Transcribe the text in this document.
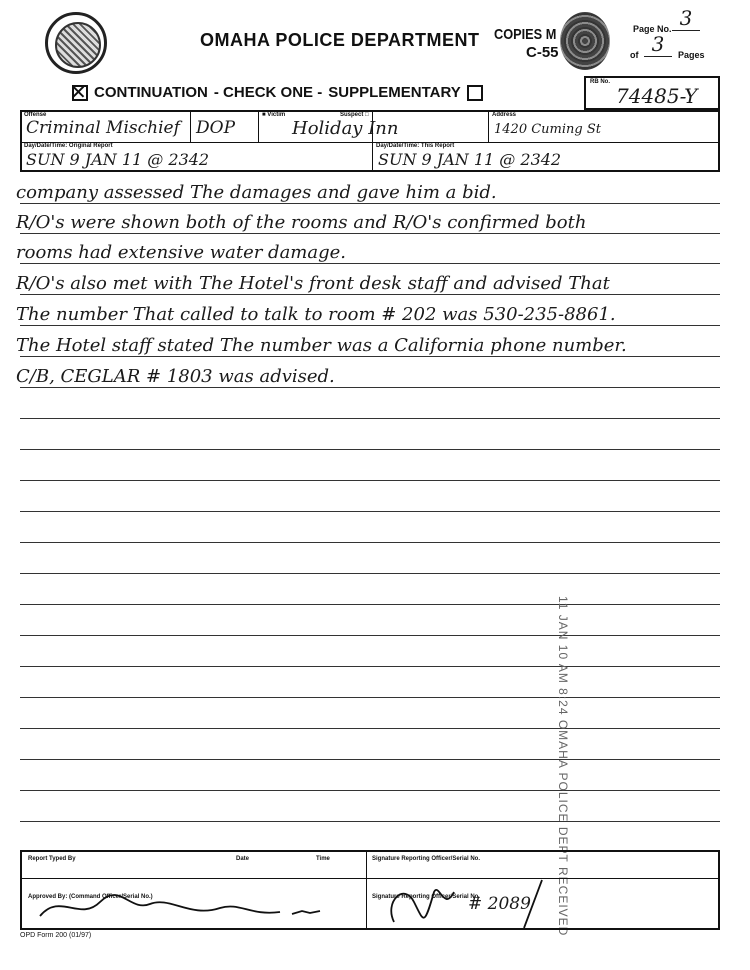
OMAHA POLICE DEPARTMENT COPIES M
C-55
Page No. 3
of 3	Pages
✕ CONTINUATION - CHECK ONE - SUPPLEMENTARY
RB No.
74485-Y
Offense
Criminal Mischief DOP
■ Victim	Suspect □
Holiday Inn
Address
1420 Cuming St
Day/Date/Time: Original Report
SUN 9 JAN 11 @ 2342
Day/Date/Time: This Report
SUN 9 JAN 11 @ 2342
company assessed The damages and gave him a bid.
R/O's were shown both of the rooms and R/O's confirmed both
rooms had extensive water damage.
R/O's also met with The Hotel's front desk staff and advised That
The number That called to talk to room # 202 was 530-235-8861.
The Hotel staff stated The number was a California phone number.
C/B, CEGLAR # 1803 was advised.
11 JAN 10 AM 8:24 OMAHA POLICE DEPT RECEIVED
Report Typed By	Date	Time	Signature Reporting Officer/Serial No.
Approved By: (Command Officer/Serial No.)	Signature Reporting Officer/Serial No.
# 2089
OPD Form 200 (01/97)
